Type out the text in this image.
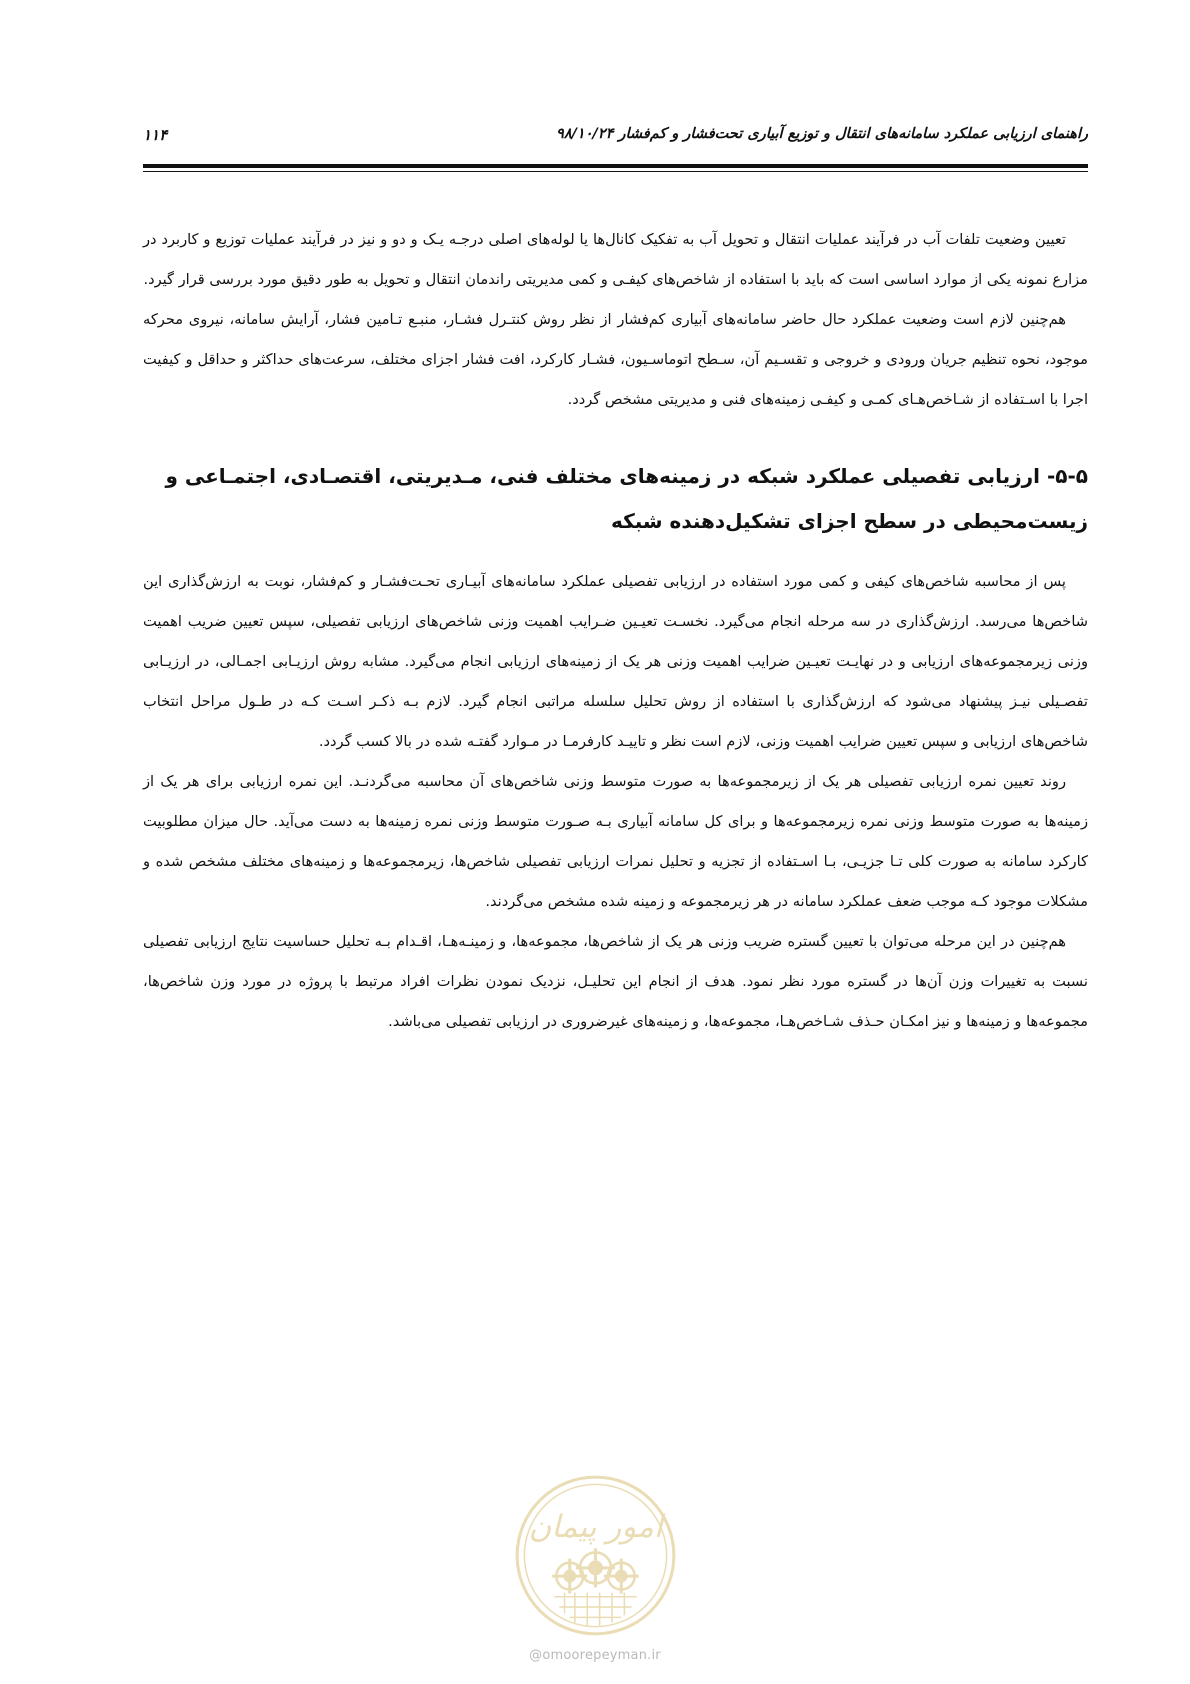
راهنمای ارزیابی عملکرد سامانه‌های انتقال و توزیع آبیاری تحت‌فشار و کم‌فشار ۹۸/۱۰/۲۴
۱۱۴

تعیین وضعیت تلفات آب در فرآیند عملیات انتقال و تحویل آب به تفکیک کانال‌ها یا لوله‌های اصلی درجـه یـک و دو و نیز در فرآیند عملیات توزیع و کاربرد در مزارع نمونه یکی از موارد اساسی است که باید با استفاده از شاخص‌های کیفـی و کمی مدیریتی راندمان انتقال و تحویل به طور دقیق مورد بررسی قرار گیرد.

هم‌چنین لازم است وضعیت عملکرد حال حاضر سامانه‌های آبیاری کم‌فشار از نظر روش کنتـرل فشـار، منبـع تـامین فشار، آرایش سامانه، نیروی محرکه موجود، نحوه تنظیم جریان ورودی و خروجی و تقسـیم آن، سـطح اتوماسـیون، فشـار کارکرد، افت فشار اجزای مختلف، سرعت‌های حداکثر و حداقل و کیفیت اجرا با اسـتفاده از شـاخص‌هـای کمـی و کیفـی زمینه‌های فنی و مدیریتی مشخص گردد.

۵-۵- ارزیابی تفصیلی عملکرد شبکه در زمینه‌های مختلف فنی، مـدیریتی، اقتصـادی، اجتمـاعی و
زیست‌محیطی در سطح اجزای تشکیل‌دهنده شبکه

پس از محاسبه شاخص‌های کیفی و کمی مورد استفاده در ارزیابی تفصیلی عملکرد سامانه‌های آبیـاری تحـت‌فشـار و کم‌فشار، نوبت به ارزش‌گذاری این شاخص‌ها می‌رسد. ارزش‌گذاری در سه مرحله انجام می‌گیرد. نخسـت تعیـین ضـرایب اهمیت وزنی شاخص‌های ارزیابی تفصیلی، سپس تعیین ضریب اهمیت وزنی زیرمجموعه‌های ارزیابی و در نهایـت تعیـین ضرایب اهمیت وزنی هر یک از زمینه‌های ارزیابی انجام می‌گیرد. مشابه روش ارزیـابی اجمـالی، در ارزیـابی تفصـیلی نیـز پیشنهاد می‌شود که ارزش‌گذاری با استفاده از روش تحلیل سلسله مراتبی انجام گیرد. لازم بـه ذکـر اسـت کـه در طـول مراحل انتخاب شاخص‌های ارزیابی و سپس تعیین ضرایب اهمیت وزنی، لازم است نظر و تاییـد کارفرمـا در مـوارد گفتـه شده در بالا کسب گردد.

روند تعیین نمره ارزیابی تفصیلی هر یک از زیرمجموعه‌ها به صورت متوسط وزنی شاخص‌های آن محاسبه می‌گردنـد. این نمره ارزیابی برای هر یک از زمینه‌ها به صورت متوسط وزنی نمره زیرمجموعه‌ها و برای کل سامانه آبیاری بـه صـورت متوسط وزنی نمره زمینه‌ها به دست می‌آید. حال میزان مطلوبیت کارکرد سامانه به صورت کلی تـا جزیـی، بـا اسـتفاده از تجزیه و تحلیل نمرات ارزیابی تفصیلی شاخص‌ها، زیرمجموعه‌ها و زمینه‌های مختلف مشخص شده و مشکلات موجود کـه موجب ضعف عملکرد سامانه در هر زیرمجموعه و زمینه شده مشخص می‌گردند.

هم‌چنین در این مرحله می‌توان با تعیین گستره ضریب وزنی هر یک از شاخص‌ها، مجموعه‌ها، و زمینـه‌هـا، اقـدام بـه تحلیل حساسیت نتایج ارزیابی تفصیلی نسبت به تغییرات وزن آن‌ها در گستره مورد نظر نمود. هدف از انجام این تحلیـل، نزدیک نمودن نظرات افراد مرتبط با پروژه در مورد وزن شاخص‌ها، مجموعه‌ها و زمینه‌ها و نیز امکـان حـذف شـاخص‌هـا، مجموعه‌ها، و زمینه‌های غیرضروری در ارزیابی تفصیلی می‌باشد.

امور پیمان
@omoorepeyman.ir
